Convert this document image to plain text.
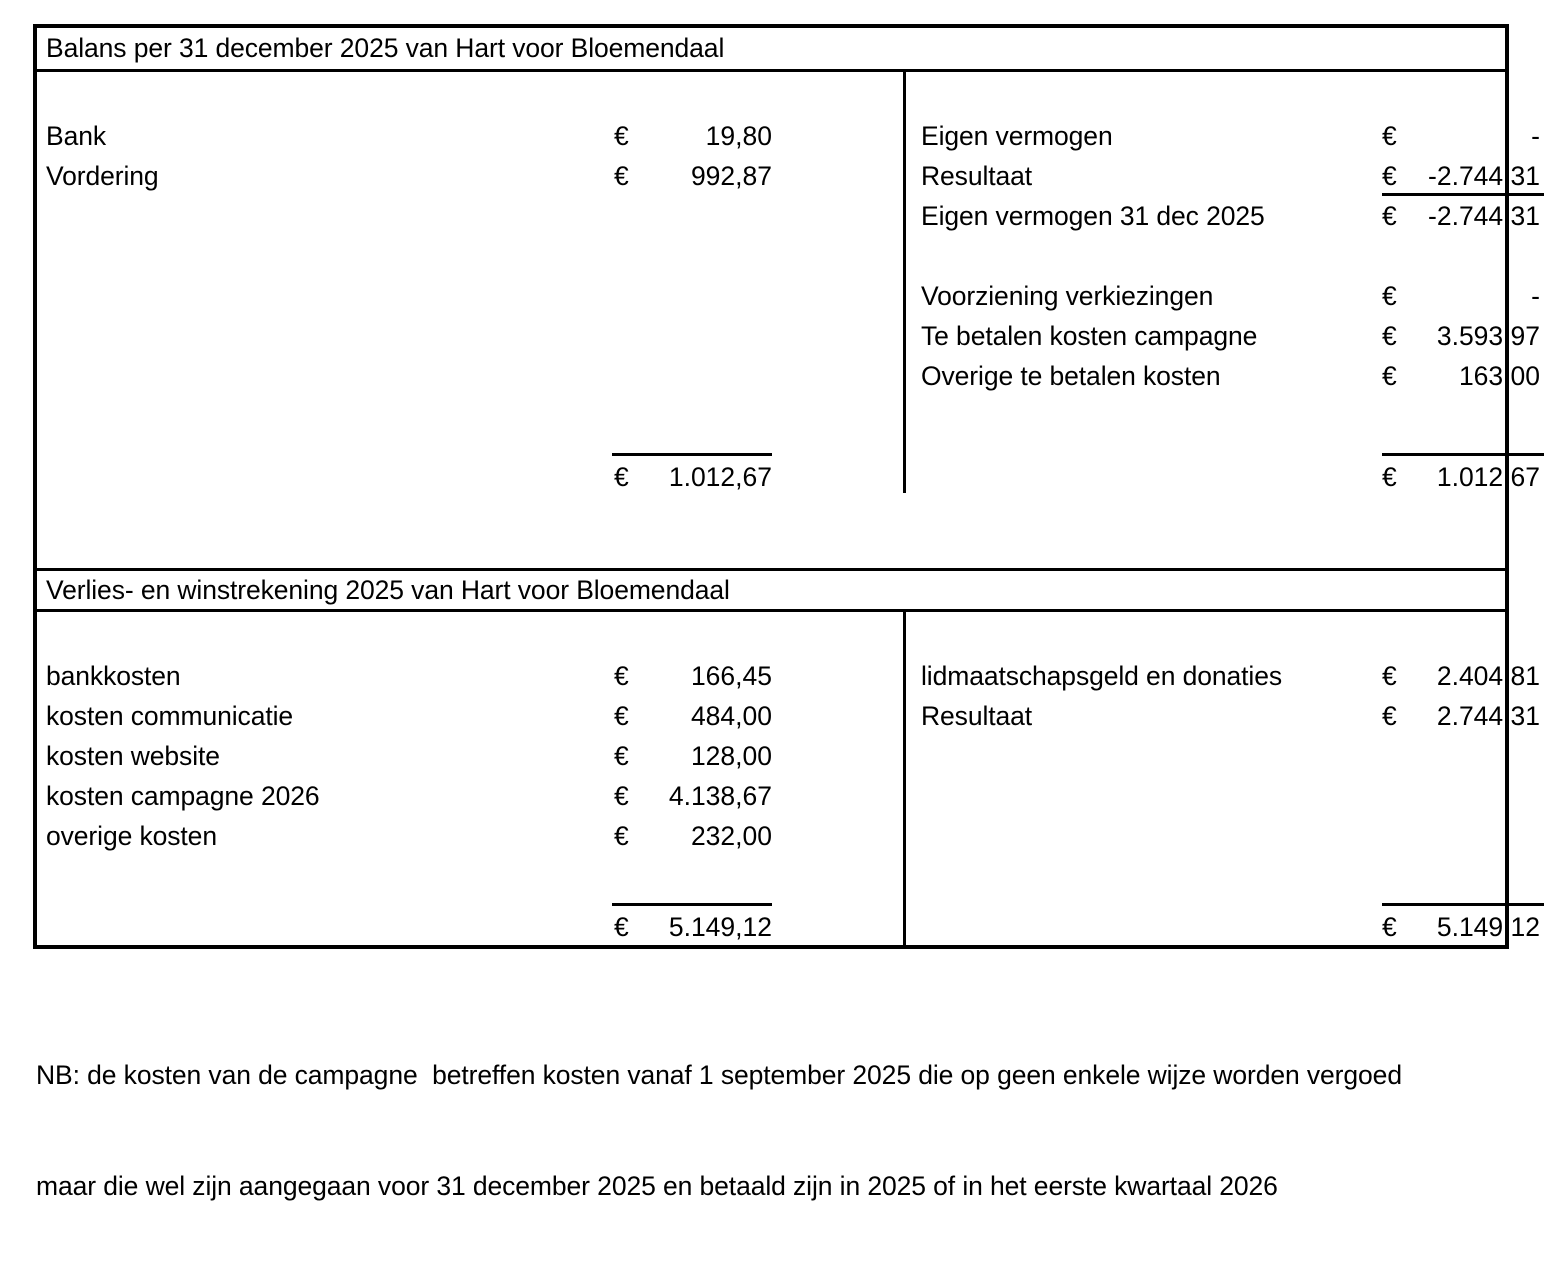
Balans per 31 december 2025 van Hart voor Bloemendaal
Bank	€	19,80
Vordering	€	992,87
€	1.012,67
Eigen vermogen	€	-
Resultaat	€	-2.744,31
Eigen vermogen 31 dec 2025	€	-2.744,31
Voorziening verkiezingen	€	-
Te betalen kosten campagne	€	3.593,97
Overige te betalen kosten	€	163,00
€	1.012,67
Verlies- en winstrekening 2025 van Hart voor Bloemendaal
bankkosten	€	166,45
kosten communicatie	€	484,00
kosten website	€	128,00
kosten campagne 2026	€	4.138,67
overige kosten	€	232,00
€	5.149,12
lidmaatschapsgeld en donaties	€	2.404,81
Resultaat	€	2.744,31
€	5.149,12

NB: de kosten van de campagne  betreffen kosten vanaf 1 september 2025 die op geen enkele wijze worden vergoed

maar die wel zijn aangegaan voor 31 december 2025 en betaald zijn in 2025 of in het eerste kwartaal 2026
